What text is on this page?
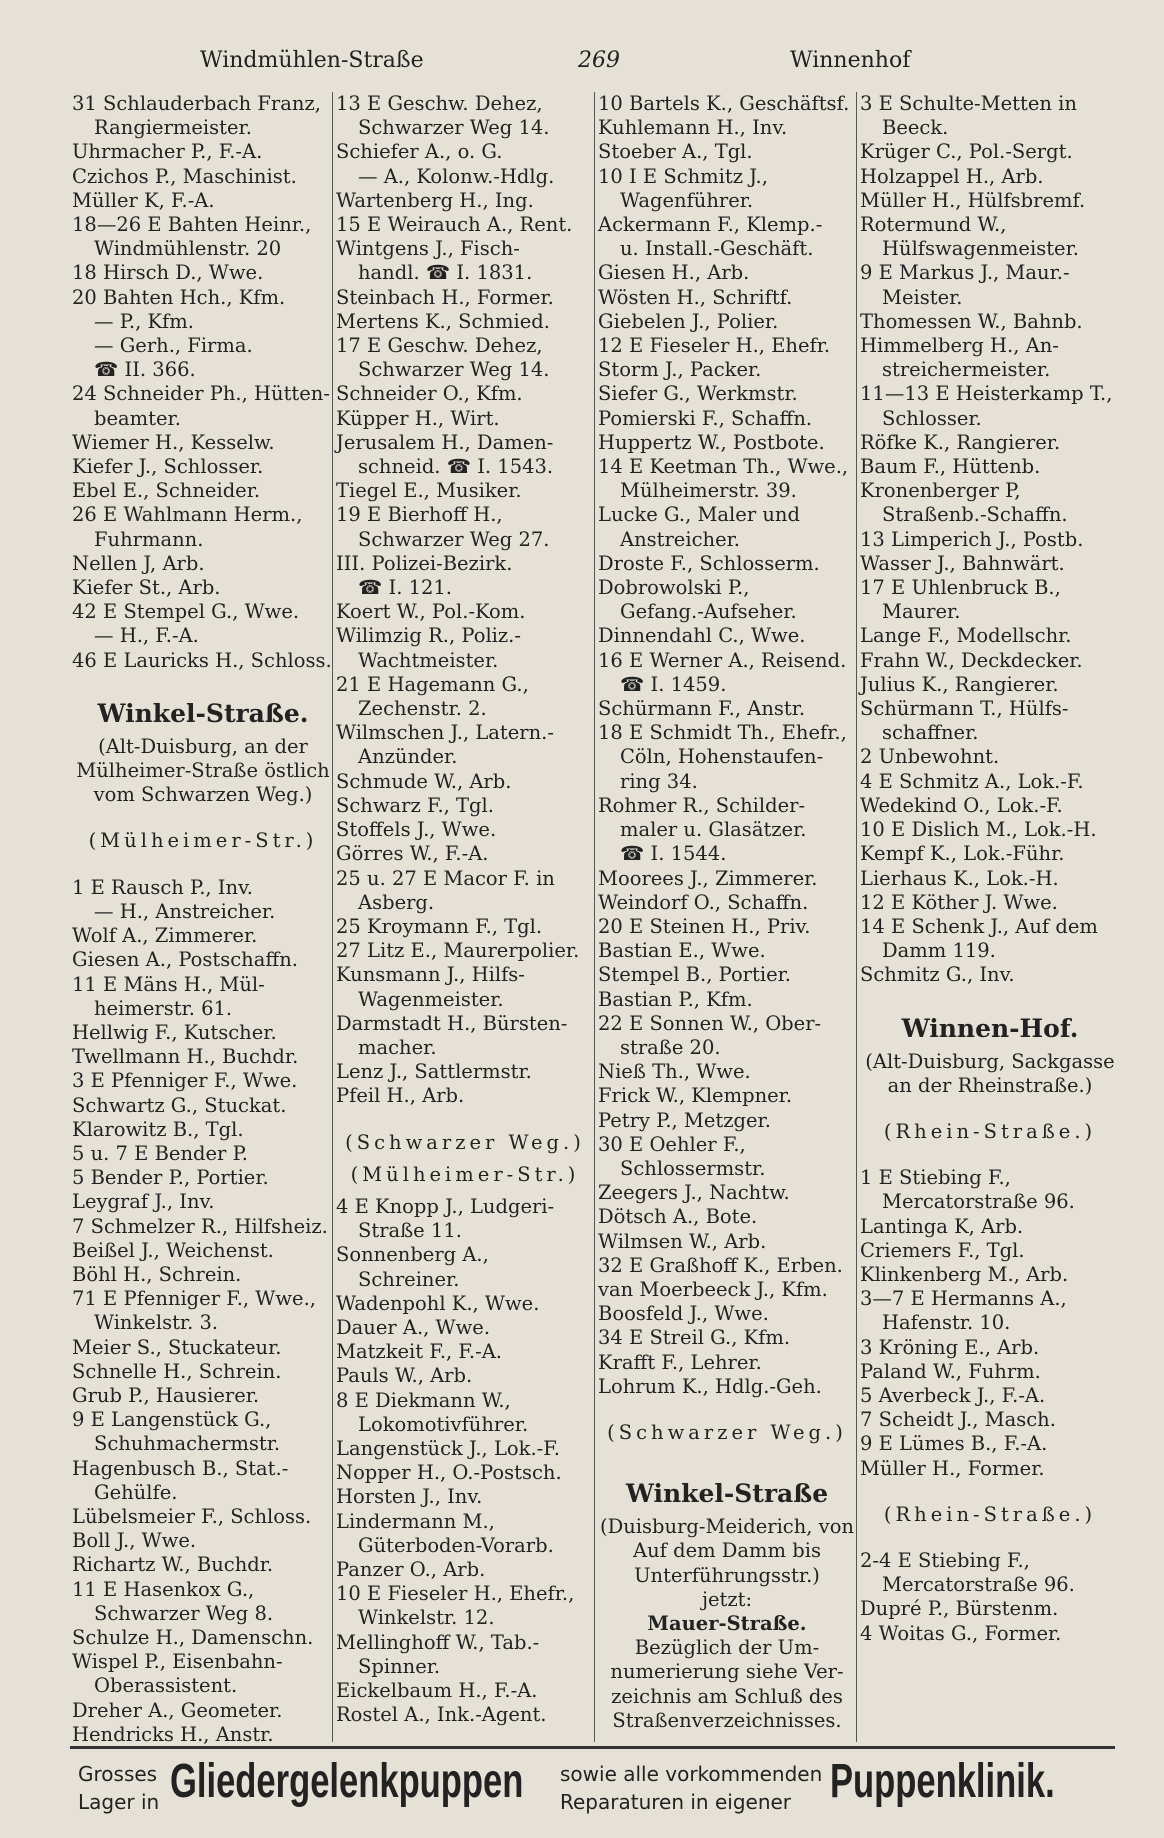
Windmühlen-Straße	269	Winnenhof
31 Schlauderbach Franz,
Rangiermeister.
Uhrmacher P., F.-A.
Czichos P., Maschinist.
Müller K, F.-A.
18—26 E Bahten Heinr.,
Windmühlenstr. 20
18 Hirsch D., Wwe.
20 Bahten Hch., Kfm.
— P., Kfm.
— Gerh., Firma.
☎ II. 366.
24 Schneider Ph., Hütten-
beamter.
Wiemer H., Kesselw.
Kiefer J., Schlosser.
Ebel E., Schneider.
26 E Wahlmann Herm.,
Fuhrmann.
Nellen J, Arb.
Kiefer St., Arb.
42 E Stempel G., Wwe.
— H., F.-A.
46 E Lauricks H., Schloss.
Winkel-Straße.
(Alt-Duisburg, an der
Mülheimer-Straße östlich
vom Schwarzen Weg.)
(Mülheimer-Str.)
1 E Rausch P., Inv.
— H., Anstreicher.
Wolf A., Zimmerer.
Giesen A., Postschaffn.
11 E Mäns H., Mül-
heimerstr. 61.
Hellwig F., Kutscher.
Twellmann H., Buchdr.
3 E Pfenniger F., Wwe.
Schwartz G., Stuckat.
Klarowitz B., Tgl.
5 u. 7 E Bender P.
5 Bender P., Portier.
Leygraf J., Inv.
7 Schmelzer R., Hilfsheiz.
Beißel J., Weichenst.
Böhl H., Schrein.
71 E Pfenniger F., Wwe.,
Winkelstr. 3.
Meier S., Stuckateur.
Schnelle H., Schrein.
Grub P., Hausierer.
9 E Langenstück G.,
Schuhmachermstr.
Hagenbusch B., Stat.-
Gehülfe.
Lübelsmeier F., Schloss.
Boll J., Wwe.
Richartz W., Buchdr.
11 E Hasenkox G.,
Schwarzer Weg 8.
Schulze H., Damenschn.
Wispel P., Eisenbahn-
Oberassistent.
Dreher A., Geometer.
Hendricks H., Anstr.
13 E Geschw. Dehez,
Schwarzer Weg 14.
Schiefer A., o. G.
— A., Kolonw.-Hdlg.
Wartenberg H., Ing.
15 E Weirauch A., Rent.
Wintgens J., Fisch-
handl. ☎ I. 1831.
Steinbach H., Former.
Mertens K., Schmied.
17 E Geschw. Dehez,
Schwarzer Weg 14.
Schneider O., Kfm.
Küpper H., Wirt.
Jerusalem H., Damen-
schneid. ☎ I. 1543.
Tiegel E., Musiker.
19 E Bierhoff H.,
Schwarzer Weg 27.
III. Polizei-Bezirk.
☎ I. 121.
Koert W., Pol.-Kom.
Wilimzig R., Poliz.-
Wachtmeister.
21 E Hagemann G.,
Zechenstr. 2.
Wilmschen J., Latern.-
Anzünder.
Schmude W., Arb.
Schwarz F., Tgl.
Stoffels J., Wwe.
Görres W., F.-A.
25 u. 27 E Macor F. in
Asberg.
25 Kroymann F., Tgl.
27 Litz E., Maurerpolier.
Kunsmann J., Hilfs-
Wagenmeister.
Darmstadt H., Bürsten-
macher.
Lenz J., Sattlermstr.
Pfeil H., Arb.
(Schwarzer Weg.)
(Mülheimer-Str.)
4 E Knopp J., Ludgeri-
Straße 11.
Sonnenberg A.,
Schreiner.
Wadenpohl K., Wwe.
Dauer A., Wwe.
Matzkeit F., F.-A.
Pauls W., Arb.
8 E Diekmann W.,
Lokomotivführer.
Langenstück J., Lok.-F.
Nopper H., O.-Postsch.
Horsten J., Inv.
Lindermann M.,
Güterboden-Vorarb.
Panzer O., Arb.
10 E Fieseler H., Ehefr.,
Winkelstr. 12.
Mellinghoff W., Tab.-
Spinner.
Eickelbaum H., F.-A.
Rostel A., Ink.-Agent.
10 Bartels K., Geschäftsf.
Kuhlemann H., Inv.
Stoeber A., Tgl.
10 I E Schmitz J.,
Wagenführer.
Ackermann F., Klemp.-
u. Install.-Geschäft.
Giesen H., Arb.
Wösten H., Schriftf.
Giebelen J., Polier.
12 E Fieseler H., Ehefr.
Storm J., Packer.
Siefer G., Werkmstr.
Pomierski F., Schaffn.
Huppertz W., Postbote.
14 E Keetman Th., Wwe.,
Mülheimerstr. 39.
Lucke G., Maler und
Anstreicher.
Droste F., Schlosserm.
Dobrowolski P.,
Gefang.-Aufseher.
Dinnendahl C., Wwe.
16 E Werner A., Reisend.
☎ I. 1459.
Schürmann F., Anstr.
18 E Schmidt Th., Ehefr.,
Cöln, Hohenstaufen-
ring 34.
Rohmer R., Schilder-
maler u. Glasätzer.
☎ I. 1544.
Moorees J., Zimmerer.
Weindorf O., Schaffn.
20 E Steinen H., Priv.
Bastian E., Wwe.
Stempel B., Portier.
Bastian P., Kfm.
22 E Sonnen W., Ober-
straße 20.
Nieß Th., Wwe.
Frick W., Klempner.
Petry P., Metzger.
30 E Oehler F.,
Schlossermstr.
Zeegers J., Nachtw.
Dötsch A., Bote.
Wilmsen W., Arb.
32 E Graßhoff K., Erben.
van Moerbeeck J., Kfm.
Boosfeld J., Wwe.
34 E Streil G., Kfm.
Krafft F., Lehrer.
Lohrum K., Hdlg.-Geh.
(Schwarzer Weg.)
Winkel-Straße
(Duisburg-Meiderich, von
Auf dem Damm bis
Unterführungsstr.)
jetzt:
Mauer-Straße.
Bezüglich der Um-
numerierung siehe Ver-
zeichnis am Schluß des
Straßenverzeichnisses.
3 E Schulte-Metten in
Beeck.
Krüger C., Pol.-Sergt.
Holzappel H., Arb.
Müller H., Hülfsbremf.
Rotermund W.,
Hülfswagenmeister.
9 E Markus J., Maur.-
Meister.
Thomessen W., Bahnb.
Himmelberg H., An-
streichermeister.
11—13 E Heisterkamp T.,
Schlosser.
Röfke K., Rangierer.
Baum F., Hüttenb.
Kronenberger P,
Straßenb.-Schaffn.
13 Limperich J., Postb.
Wasser J., Bahnwärt.
17 E Uhlenbruck B.,
Maurer.
Lange F., Modellschr.
Frahn W., Deckdecker.
Julius K., Rangierer.
Schürmann T., Hülfs-
schaffner.
2 Unbewohnt.
4 E Schmitz A., Lok.-F.
Wedekind O., Lok.-F.
10 E Dislich M., Lok.-H.
Kempf K., Lok.-Führ.
Lierhaus K., Lok.-H.
12 E Köther J. Wwe.
14 E Schenk J., Auf dem
Damm 119.
Schmitz G., Inv.
Winnen-Hof.
(Alt-Duisburg, Sackgasse
an der Rheinstraße.)
(Rhein-Straße.)
1 E Stiebing F.,
Mercatorstraße 96.
Lantinga K, Arb.
Criemers F., Tgl.
Klinkenberg M., Arb.
3—7 E Hermanns A.,
Hafenstr. 10.
3 Kröning E., Arb.
Paland W., Fuhrm.
5 Averbeck J., F.-A.
7 Scheidt J., Masch.
9 E Lümes B., F.-A.
Müller H., Former.
(Rhein-Straße.)
2-4 E Stiebing F.,
Mercatorstraße 96.
Dupré P., Bürstenm.
4 Woitas G., Former.
Grosses
Lager in Gliedergelenkpuppen sowie alle vorkommenden
Reparaturen in eigener Puppenklinik.
